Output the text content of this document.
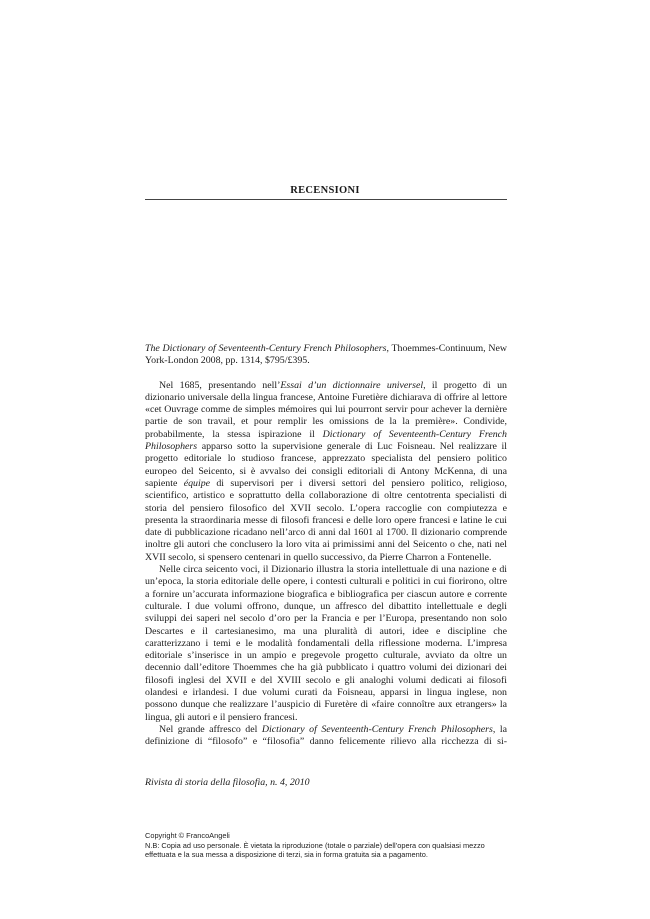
RECENSIONI

The Dictionary of Seventeenth-Century French Philosophers, Thoemmes-Continuum, New York-London 2008, pp. 1314, $795/£395.

Nel 1685, presentando nell’Essai d’un dictionnaire universel, il progetto di un dizionario universale della lingua francese, Antoine Furetière dichiarava di offrire al lettore «cet Ouvrage comme de simples mémoires qui lui pourront servir pour achever la dernière partie de son travail, et pour remplir les omissions de la la première». Condivide, probabilmente, la stessa ispirazione il Dictionary of Seventeenth-Century French Philosophers apparso sotto la supervisione generale di Luc Foisneau. Nel realizzare il progetto editoriale lo studioso francese, apprezzato specialista del pensiero politico europeo del Seicento, si è avvalso dei consigli editoriali di Antony McKenna, di una sapiente équipe di supervisori per i diversi settori del pensiero politico, religioso, scientifico, artistico e soprattutto della collaborazione di oltre centotrenta specialisti di storia del pensiero filosofico del XVII secolo. L’opera raccoglie con compiutezza e presenta la straordinaria messe di filosofi francesi e delle loro opere francesi e latine le cui date di pubblicazione ricadano nell’arco di anni dal 1601 al 1700. Il dizionario comprende inoltre gli autori che conclusero la loro vita ai primissimi anni del Seicento o che, nati nel XVII secolo, si spensero centenari in quello successivo, da Pierre Charron a Fontenelle.

Nelle circa seicento voci, il Dizionario illustra la storia intellettuale di una nazione e di un’epoca, la storia editoriale delle opere, i contesti culturali e politici in cui fiorirono, oltre a fornire un’accurata informazione biografica e bibliografica per ciascun autore e corrente culturale. I due volumi offrono, dunque, un affresco del dibattito intellettuale e degli sviluppi dei saperi nel secolo d’oro per la Francia e per l’Europa, presentando non solo Descartes e il cartesianesimo, ma una pluralità di autori, idee e discipline che caratterizzano i temi e le modalità fondamentali della riflessione moderna. L’impresa editoriale s’inserisce in un ampio e pregevole progetto culturale, avviato da oltre un decennio dall’editore Thoemmes che ha già pubblicato i quattro volumi dei dizionari dei filosofi inglesi del XVII e del XVIII secolo e gli analoghi volumi dedicati ai filosofi olandesi e irlandesi. I due volumi curati da Foisneau, apparsi in lingua inglese, non possono dunque che realizzare l’auspicio di Furetère di «faire connoître aux etrangers» la lingua, gli autori e il pensiero francesi.

Nel grande affresco del Dictionary of Seventeenth-Century French Philosophers, la definizione di “filosofo” e “filosofia” danno felicemente rilievo alla ricchezza di si-

Rivista di storia della filosofia, n. 4, 2010
Copyright © FrancoAngeli
N.B: Copia ad uso personale. È vietata la riproduzione (totale o parziale) dell’opera con qualsiasi mezzo
effettuata e la sua messa a disposizione di terzi, sia in forma gratuita sia a pagamento.
